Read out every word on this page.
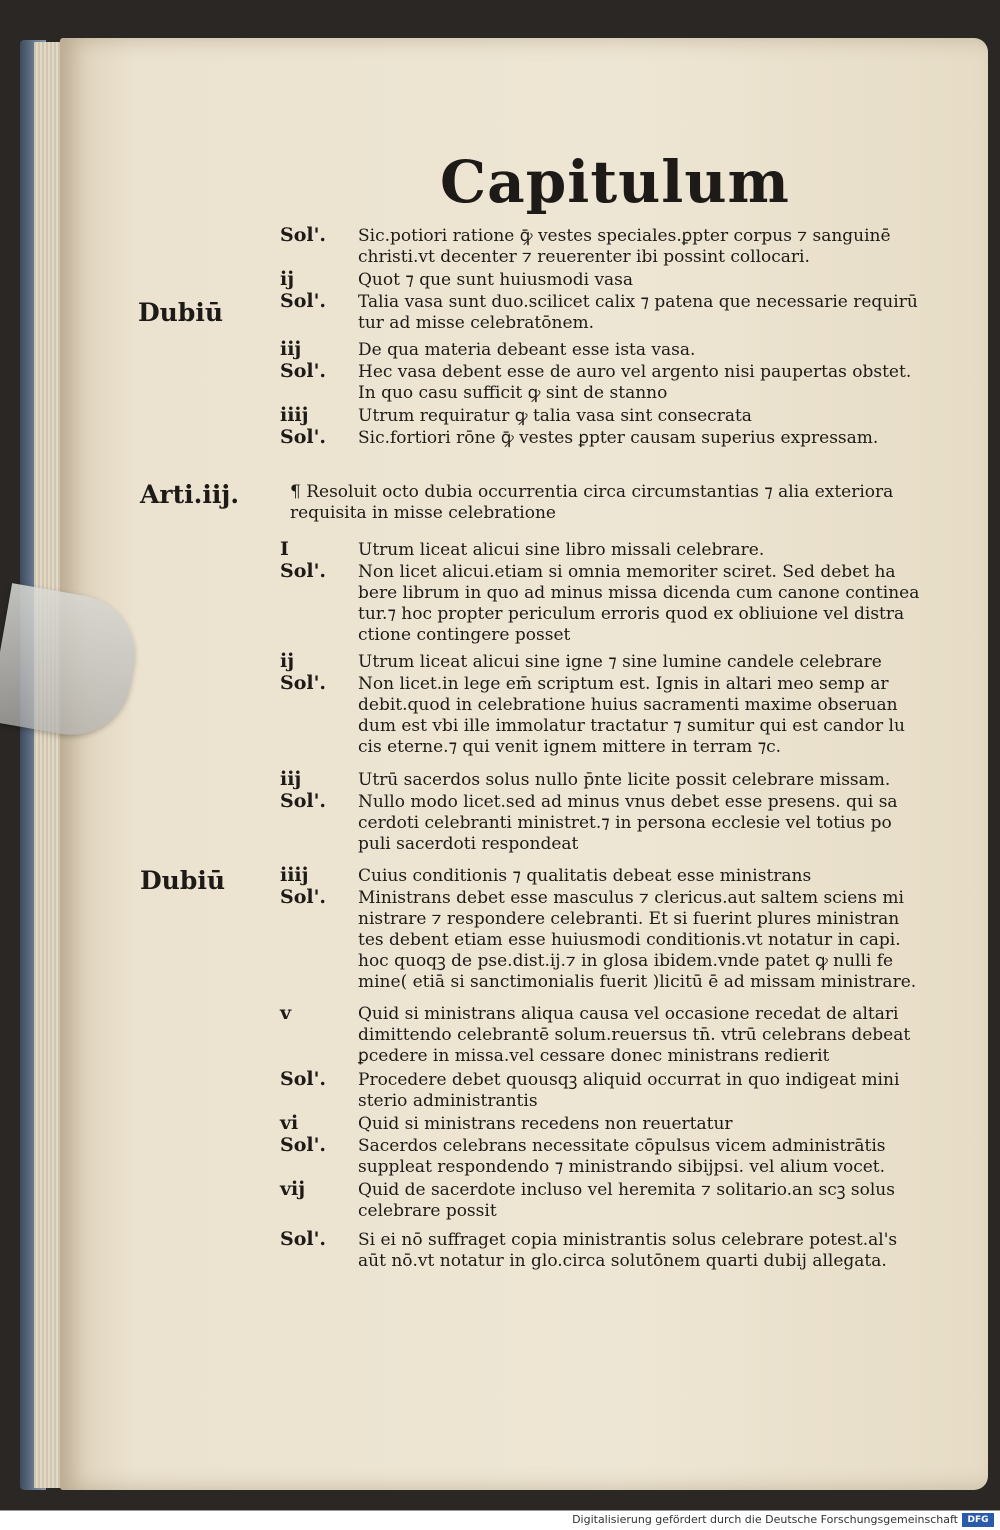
Capitulum

Dubiū

Arti.iij.

Dubiū

Sol'. Sic.potiori ratione ꝙ̄ vestes speciales.ꝑpter corpus ⁊ sanguinē christi.vt decenter ⁊ reuerenter ibi possint collocari.

ij	Quot ⁊ que sunt huiusmodi vasa

Sol'. Talia vasa sunt duo.scilicet calix ⁊ patena que necessarie requirū tur ad misse celebratōnem.

iij	De qua materia debeant esse ista vasa.

Sol'. Hec vasa debent esse de auro vel argento nisi paupertas obstet. In quo casu sufficit ꝙ sint de stanno

iiij	Utrum requiratur ꝙ talia vasa sint consecrata

Sol'. Sic.fortiori rōne ꝙ̄ vestes ꝑpter causam superius expressam.

¶ Resoluit octo dubia occurrentia circa circumstantias ⁊ alia exteriora requisita in misse celebratione

I	Utrum liceat alicui sine libro missali celebrare.

Sol'. Non licet alicui.etiam si omnia memoriter sciret. Sed debet ha bere librum in quo ad minus missa dicenda cum canone continea tur.⁊ hoc propter periculum erroris quod ex obliuione vel distra ctione contingere posset

ij	Utrum liceat alicui sine igne ⁊ sine lumine candele celebrare

Sol'. Non licet.in lege em̄ scriptum est. Ignis in altari meo semp ar debit.quod in celebratione huius sacramenti maxime obseruan dum est vbi ille immolatur tractatur ⁊ sumitur qui est candor lu cis eterne.⁊ qui venit ignem mittere in terram ⁊c.

iij	Utrū sacerdos solus nullo p̄nte licite possit celebrare missam.

Sol'. Nullo modo licet.sed ad minus vnus debet esse presens. qui sa cerdoti celebranti ministret.⁊ in persona ecclesie vel totius po puli sacerdoti respondeat

iiij	Cuius conditionis ⁊ qualitatis debeat esse ministrans

Sol'. Ministrans debet esse masculus ⁊ clericus.aut saltem sciens mi nistrare ⁊ respondere celebranti. Et si fuerint plures ministran tes debent etiam esse huiusmodi conditionis.vt notatur in capi. hoc quoqꝫ de pse.dist.ij.⁊ in glosa ibidem.vnde patet ꝙ nulli fe mine( etiā si sanctimonialis fuerit )licitū ē ad missam ministrare.

v	Quid si ministrans aliqua causa vel occasione recedat de altari dimittendo celebrantē solum.reuersus tn̄. vtrū celebrans debeat ꝑcedere in missa.vel cessare donec ministrans redierit

Sol'. Procedere debet quousqꝫ aliquid occurrat in quo indigeat mini sterio administrantis

vi	Quid si ministrans recedens non reuertatur

Sol'. Sacerdos celebrans necessitate cōpulsus vicem administrātis suppleat respondendo ⁊ ministrando sibijpsi. vel alium vocet.

vij	Quid de sacerdote incluso vel heremita ⁊ solitario.an scꝫ solus celebrare possit

Sol'. Si ei nō suffraget copia ministrantis solus celebrare potest.al's aūt nō.vt notatur in glo.circa solutōnem quarti dubij allegata.

Digitalisierung gefördert durch die Deutsche Forschungsgemeinschaft	DFG
